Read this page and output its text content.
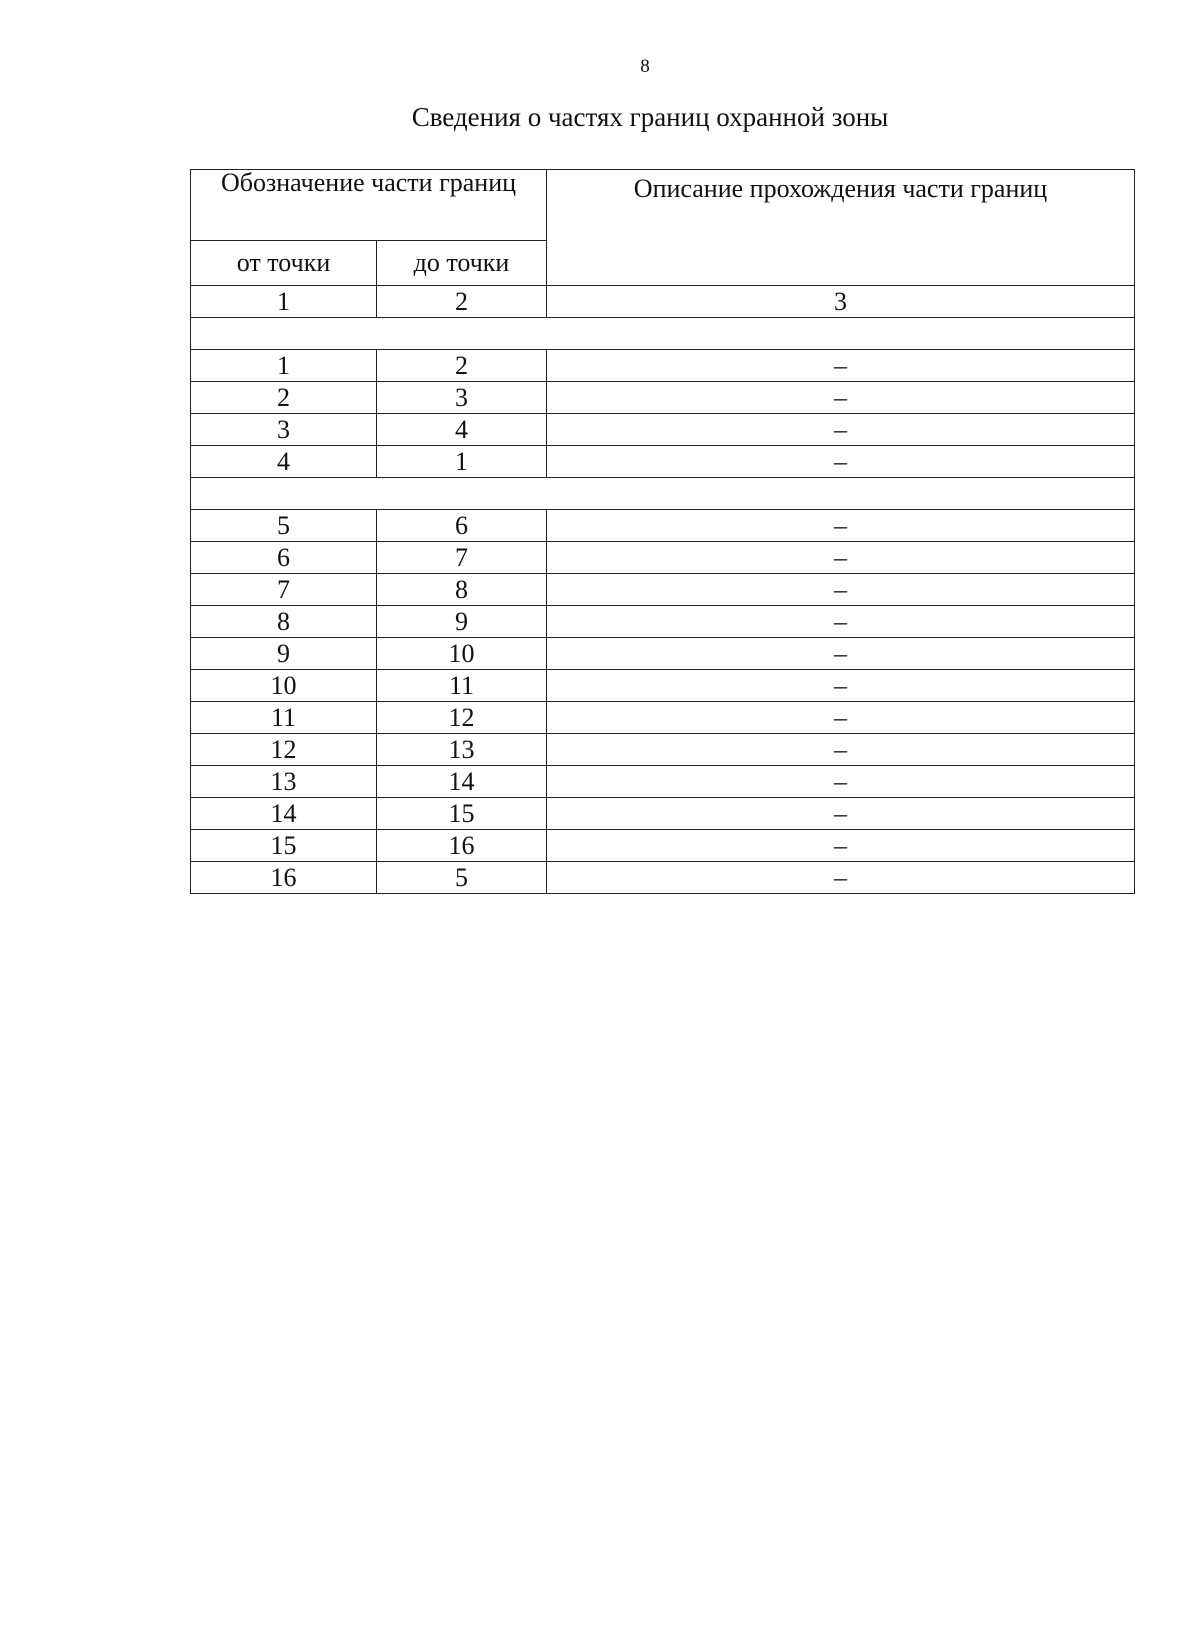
8
Сведения о частях границ охранной зоны
Обозначение части границ		Описание прохождения части границ
от точки	до точки	
1	2	3

1	2	–
2	3	–
3	4	–
4	1	–

5	6	–
6	7	–
7	8	–
8	9	–
9	10	–
10	11	–
11	12	–
12	13	–
13	14	–
14	15	–
15	16	–
16	5	–
